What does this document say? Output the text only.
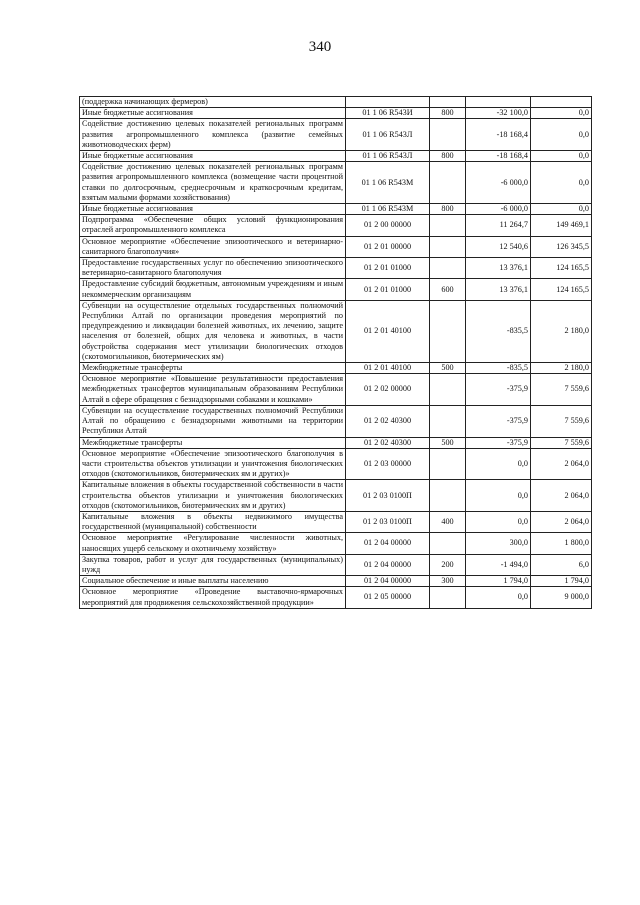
340
(поддержка начинающих фермеров)				
Иные бюджетные ассигнования	01 1 06 R543И	800	-32 100,0	0,0
Содействие достижению целевых показателей региональных программ развития агропромышленного комплекса (развитие семейных животноводческих ферм)	01 1 06 R543Л		-18 168,4	0,0
Иные бюджетные ассигнования	01 1 06 R543Л	800	-18 168,4	0,0
Содействие достижению целевых показателей региональных программ развития агропромышленного комплекса (возмещение части процентной ставки по долгосрочным, среднесрочным и краткосрочным кредитам, взятым малыми формами хозяйствования)	01 1 06 R543M		-6 000,0	0,0
Иные бюджетные ассигнования	01 1 06 R543M	800	-6 000,0	0,0
Подпрограмма «Обеспечение общих условий функционирования отраслей агропромышленного комплекса	01 2 00 00000		11 264,7	149 469,1
Основное мероприятие «Обеспечение эпизоотического и ветеринарно-санитарного благополучия»	01 2 01 00000		12 540,6	126 345,5
Предоставление государственных услуг по обеспечению эпизоотического ветеринарно-санитарного благополучия	01 2 01 01000		13 376,1	124 165,5
Предоставление субсидий бюджетным, автономным учреждениям и иным некоммерческим организациям	01 2 01 01000	600	13 376,1	124 165,5
Субвенции на осуществление отдельных государственных полномочий Республики Алтай по организации проведения мероприятий по предупреждению и ликвидации болезней животных, их лечению, защите населения от болезней, общих для человека и животных, в части обустройства содержания мест утилизации биологических отходов (скотомогильников, биотермических ям)	01 2 01 40100		-835,5	2 180,0
Межбюджетные трансферты	01 2 01 40100	500	-835,5	2 180,0
Основное мероприятие «Повышение результативности предоставления межбюджетных трансфертов муниципальным образованиям Республики Алтай в сфере обращения с безнадзорными собаками и кошками»	01 2 02 00000		-375,9	7 559,6
Субвенции на осуществление государственных полномочий Республики Алтай по обращению с безнадзорными животными на территории Республики Алтай	01 2 02 40300		-375,9	7 559,6
Межбюджетные трансферты	01 2 02 40300	500	-375,9	7 559,6
Основное мероприятие «Обеспечение эпизоотического благополучия в части строительства объектов утилизации и уничтожения биологических отходов (скотомогильников, биотермических ям и других)»	01 2 03 00000		0,0	2 064,0
Капитальные вложения в объекты государственной собственности в части строительства объектов утилизации и уничтожения биологических отходов (скотомогильников, биотермических ям и других)	01 2 03 0100П		0,0	2 064,0
Капитальные вложения в объекты недвижимого имущества государственной (муниципальной) собственности	01 2 03 0100П	400	0,0	2 064,0
Основное мероприятие «Регулирование численности животных, наносящих ущерб сельскому и охотничьему хозяйству»	01 2 04 00000		300,0	1 800,0
Закупка товаров, работ и услуг для государственных (муниципальных) нужд	01 2 04 00000	200	-1 494,0	6,0
Социальное обеспечение и иные выплаты населению	01 2 04 00000	300	1 794,0	1 794,0
Основное мероприятие «Проведение выставочно-ярмарочных мероприятий для продвижения сельскохозяйственной продукции»	01 2 05 00000		0,0	9 000,0
